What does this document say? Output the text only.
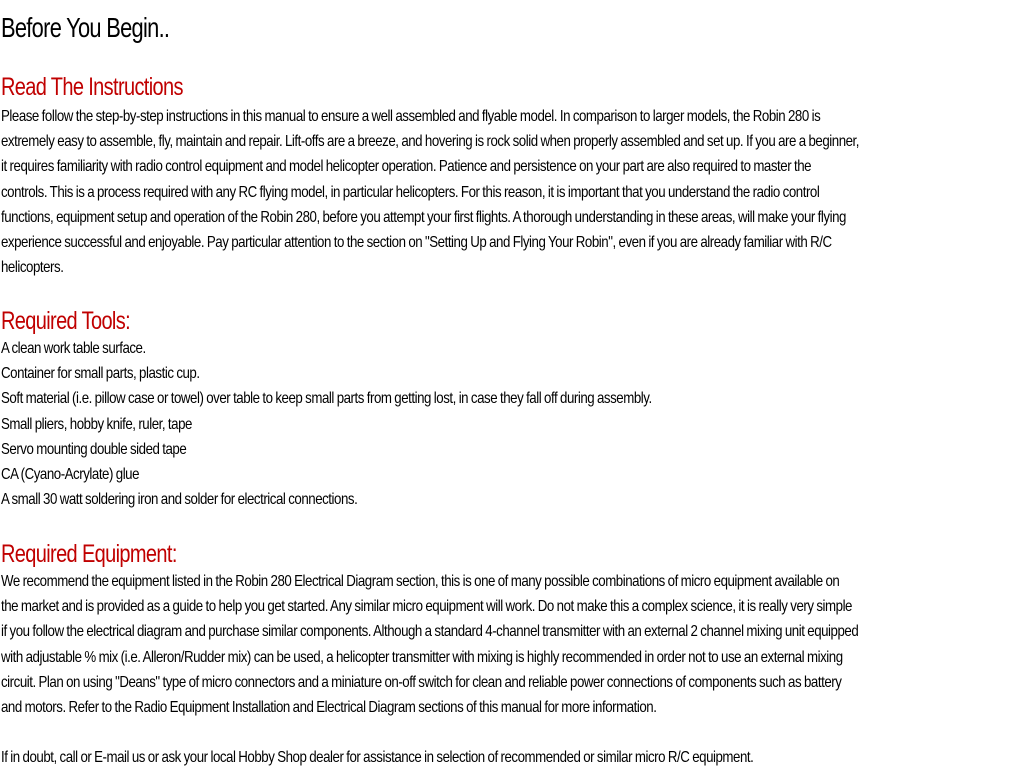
Before You Begin..
Read The Instructions
Please follow the step-by-step instructions in this manual to ensure a well assembled and flyable model. In comparison to larger models, the Robin 280 is
extremely easy to assemble, fly, maintain and repair. Lift-offs are a breeze, and hovering is rock solid when properly assembled and set up. If you are a beginner,
it requires familiarity with radio control equipment and model helicopter operation. Patience and persistence on your part are also required to master the
controls. This is a process required with any RC flying model, in particular helicopters. For this reason, it is important that you understand the radio control
functions, equipment setup and operation of the Robin 280, before you attempt your first flights. A thorough understanding in these areas, will make your flying
experience successful and enjoyable. Pay particular attention to the section on "Setting Up and Flying Your Robin", even if you are already familiar with R/C
helicopters.
Required Tools:
A clean work table surface.
Container for small parts, plastic cup.
Soft material (i.e. pillow case or towel) over table to keep small parts from getting lost, in case they fall off during assembly.
Small pliers, hobby knife, ruler, tape
Servo mounting double sided tape
CA (Cyano-Acrylate) glue
A small 30 watt soldering iron and solder for electrical connections.
Required Equipment:
We recommend the equipment listed in the Robin 280 Electrical Diagram section, this is one of many possible combinations of micro equipment available on
the market and is provided as a guide to help you get started. Any similar micro equipment will work. Do not make this a complex science, it is really very simple
if you follow the electrical diagram and purchase similar components. Although a standard 4-channel transmitter with an external 2 channel mixing unit equipped
with adjustable % mix (i.e. Alleron/Rudder mix) can be used, a helicopter transmitter with mixing is highly recommended in order not to use an external mixing
circuit. Plan on using "Deans" type of micro connectors and a miniature on-off switch for clean and reliable power connections of components such as battery
and motors. Refer to the Radio Equipment Installation and Electrical Diagram sections of this manual for more information.
If in doubt, call or E-mail us or ask your local Hobby Shop dealer for assistance in selection of recommended or similar micro R/C equipment.
